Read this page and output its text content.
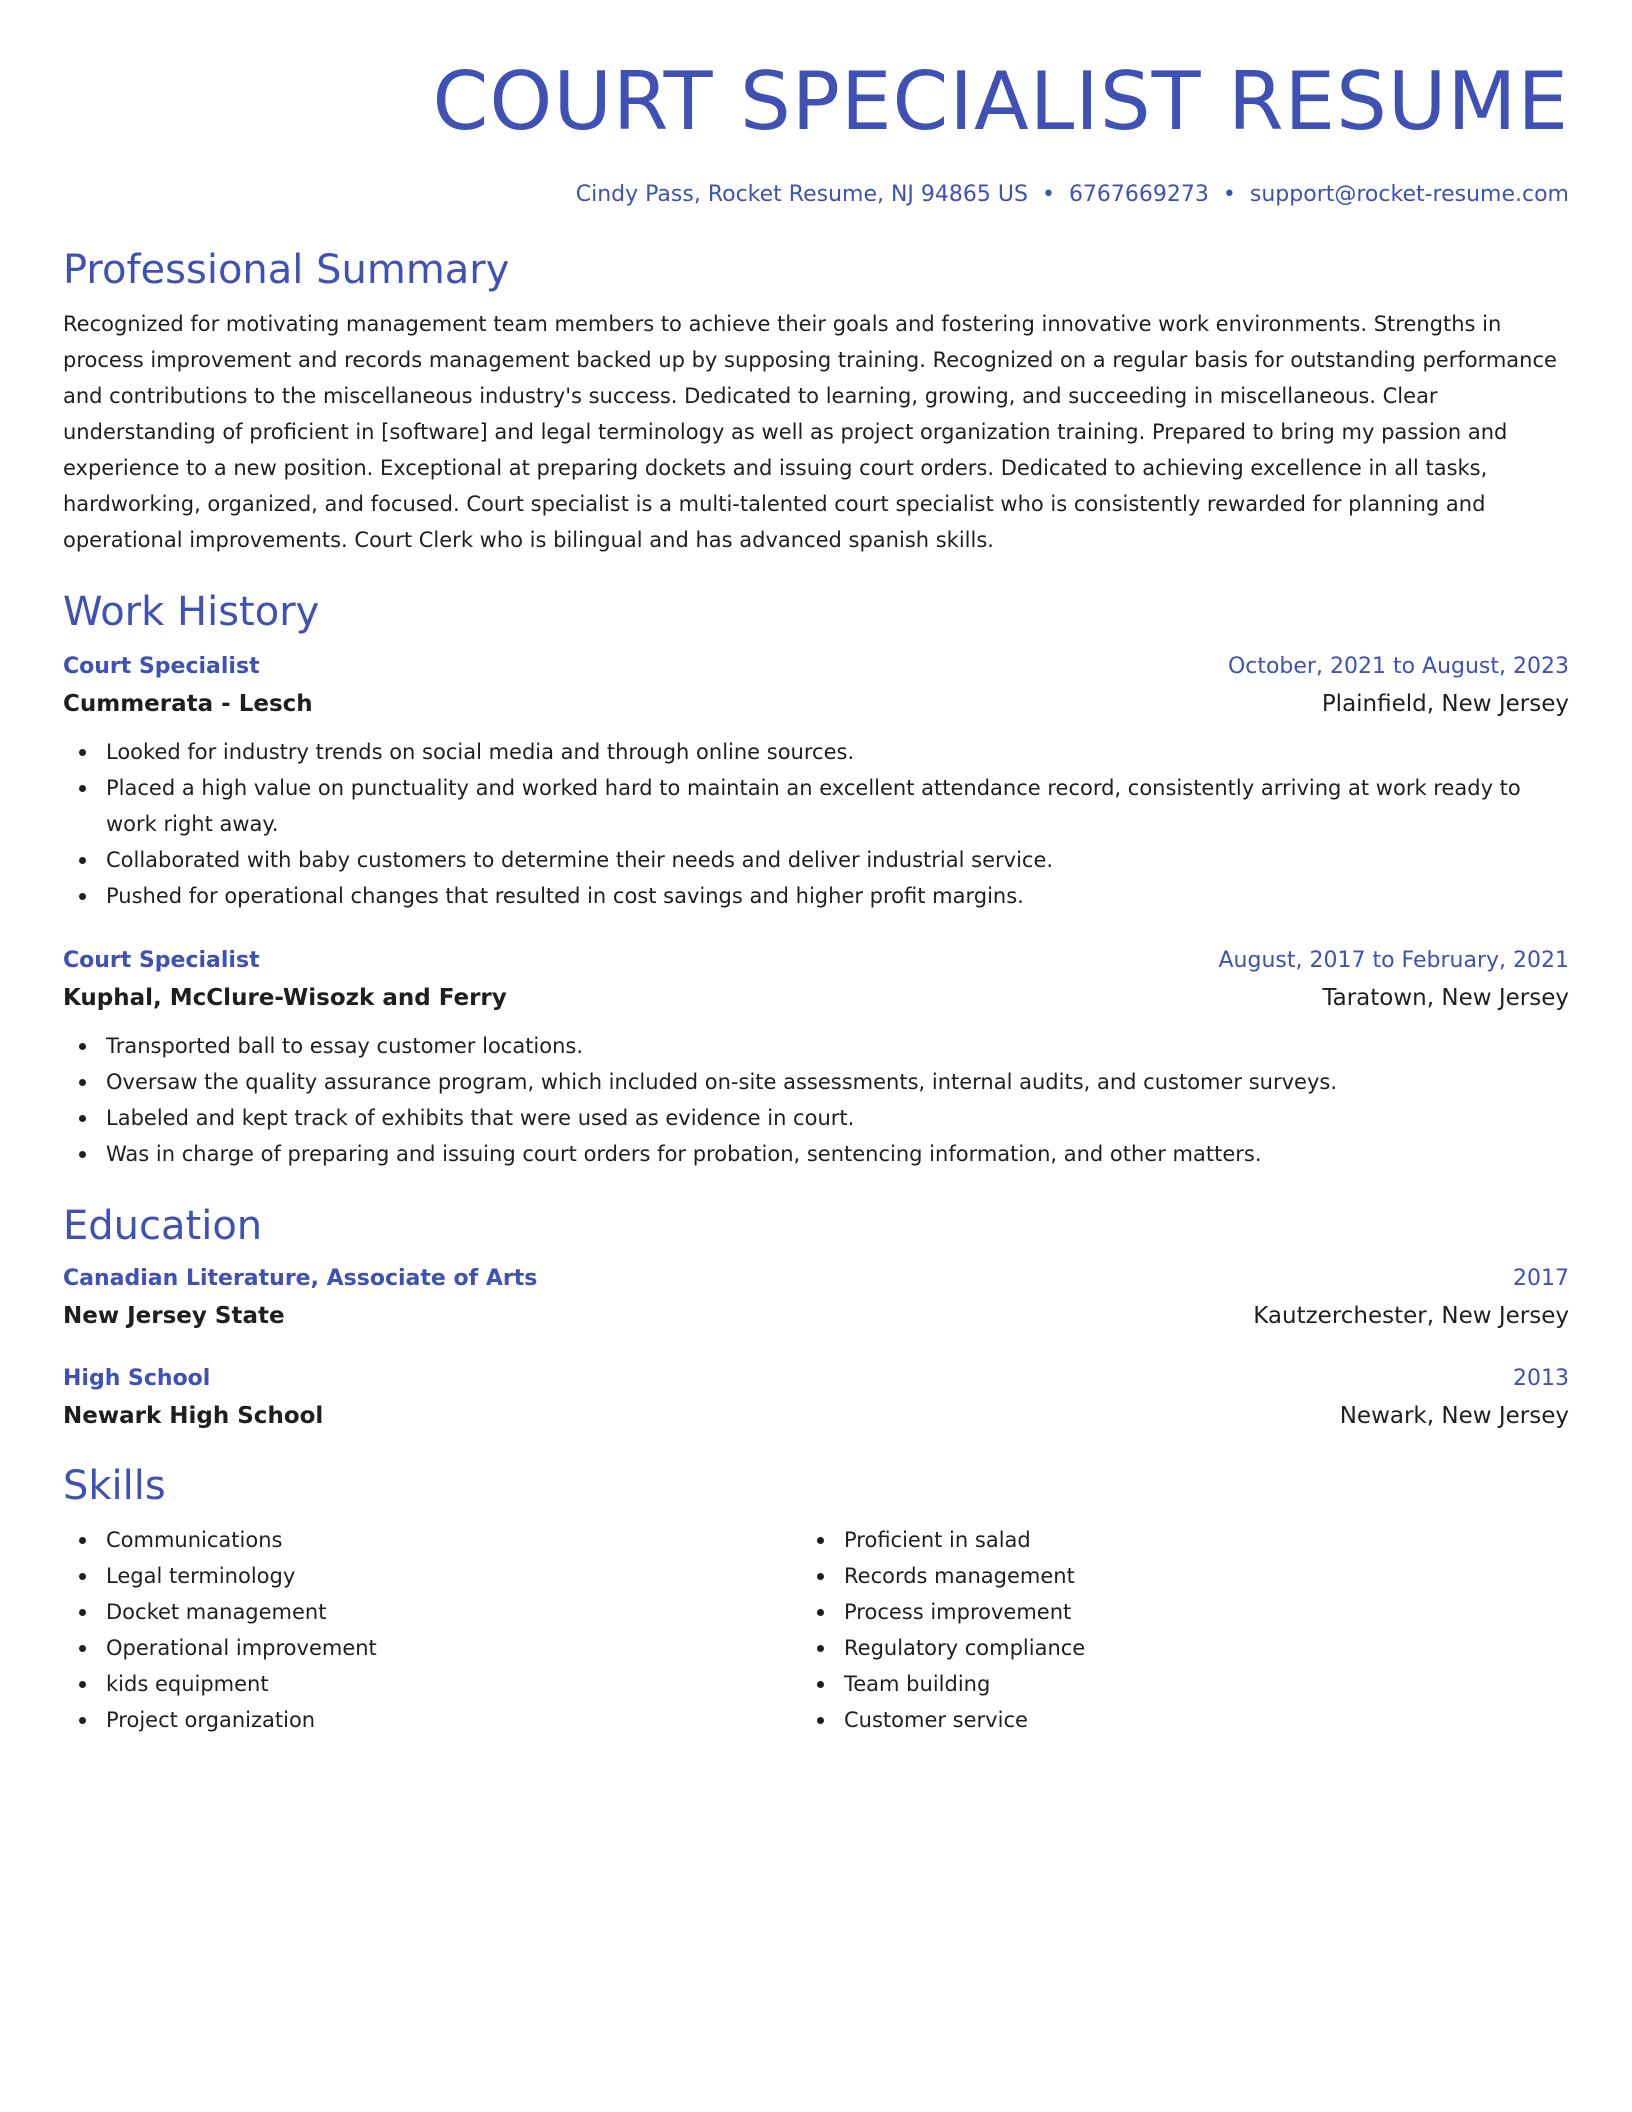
COURT SPECIALIST RESUME
Cindy Pass, Rocket Resume, NJ 94865 US • 6767669273 • support@rocket-resume.com
Professional Summary

Recognized for motivating management team members to achieve their goals and fostering innovative work environments. Strengths in process improvement and records management backed up by supposing training. Recognized on a regular basis for outstanding performance and contributions to the miscellaneous industry's success. Dedicated to learning, growing, and succeeding in miscellaneous. Clear understanding of proficient in [software] and legal terminology as well as project organization training. Prepared to bring my passion and experience to a new position. Exceptional at preparing dockets and issuing court orders. Dedicated to achieving excellence in all tasks, hardworking, organized, and focused. Court specialist is a multi-talented court specialist who is consistently rewarded for planning and operational improvements. Court Clerk who is bilingual and has advanced spanish skills.

Work History
Court Specialist	October, 2021 to August, 2023
Cummerata - Lesch	Plainfield, New Jersey
Looked for industry trends on social media and through online sources.
Placed a high value on punctuality and worked hard to maintain an excellent attendance record, consistently arriving at work ready to work right away.
Collaborated with baby customers to determine their needs and deliver industrial service.
Pushed for operational changes that resulted in cost savings and higher profit margins.
Court Specialist	August, 2017 to February, 2021
Kuphal, McClure-Wisozk and Ferry	Taratown, New Jersey
Transported ball to essay customer locations.
Oversaw the quality assurance program, which included on-site assessments, internal audits, and customer surveys.
Labeled and kept track of exhibits that were used as evidence in court.
Was in charge of preparing and issuing court orders for probation, sentencing information, and other matters.
Education
Canadian Literature, Associate of Arts	2017
New Jersey State	Kautzerchester, New Jersey
High School	2013
Newark High School	Newark, New Jersey
Skills
Communications
Legal terminology
Docket management
Operational improvement
kids equipment
Project organization
Proficient in salad
Records management
Process improvement
Regulatory compliance
Team building
Customer service
